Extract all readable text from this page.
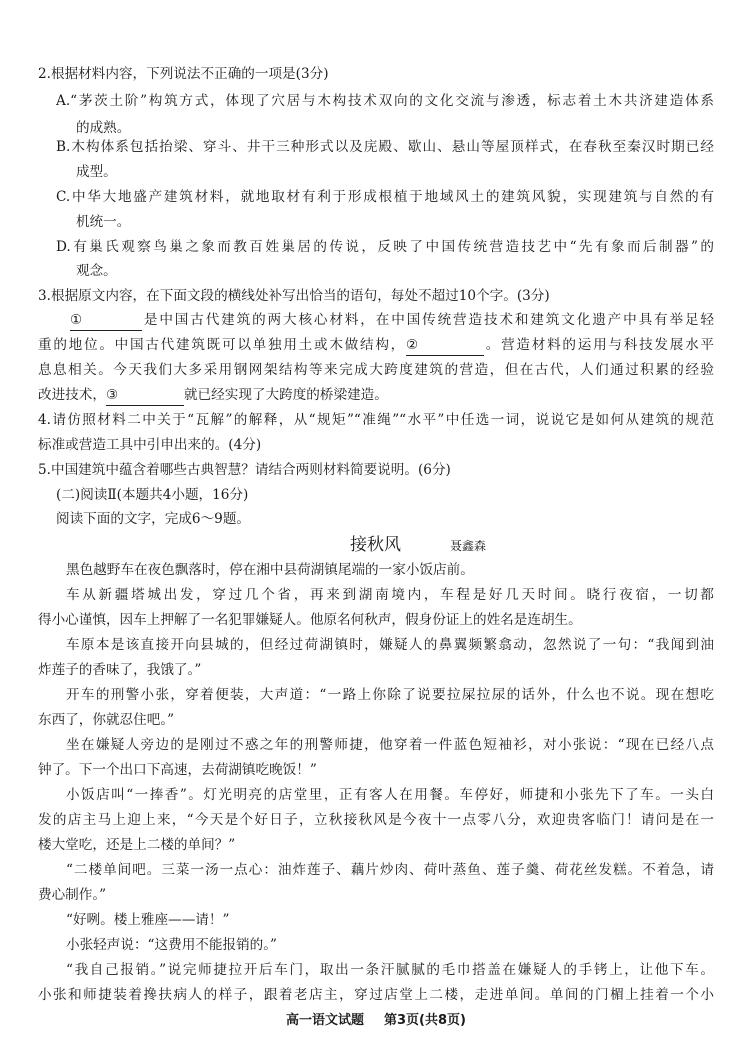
2.根据材料内容，下列说法不正确的一项是(3分)
A.“茅茨土阶”构筑方式，体现了穴居与木构技术双向的文化交流与渗透，标志着土木共济建造体系
的成熟。
B.木构体系包括抬梁、穿斗、井干三种形式以及庑殿、歇山、悬山等屋顶样式，在春秋至秦汉时期已经
成型。
C.中华大地盛产建筑材料，就地取材有利于形成根植于地域风土的建筑风貌，实现建筑与自然的有
机统一。
D.有巢氏观察鸟巢之象而教百姓巢居的传说，反映了中国传统营造技艺中“先有象而后制器”的
观念。
3.根据原文内容，在下面文段的横线处补写出恰当的语句，每处不超过10个字。(3分)
①	是中国古代建筑的两大核心材料，在中国传统营造技术和建筑文化遗产中具有举足轻
重的地位。中国古代建筑既可以单独用土或木做结构，②	。营造材料的运用与科技发展水平
息息相关。今天我们大多采用钢网架结构等来完成大跨度建筑的营造，但在古代，人们通过积累的经验
改进技术，③	就已经实现了大跨度的桥梁建造。
4.请仿照材料二中关于“瓦解”的解释，从“规矩”“准绳”“水平”中任选一词，说说它是如何从建筑的规范
标准或营造工具中引申出来的。(4分)
5.中国建筑中蕴含着哪些古典智慧？请结合两则材料简要说明。(6分)
(二)阅读Ⅱ(本题共4小题，16分)
阅读下面的文字，完成6～9题。
接秋风	聂鑫森
黑色越野车在夜色飘落时，停在湘中县荷湖镇尾端的一家小饭店前。
车从新疆塔城出发，穿过几个省，再来到湖南境内，车程是好几天时间。晓行夜宿，一切都
得小心谨慎，因车上押解了一名犯罪嫌疑人。他原名何秋声，假身份证上的姓名是连胡生。
车原本是该直接开向县城的，但经过荷湖镇时，嫌疑人的鼻翼频繁翕动，忽然说了一句：“我闻到油
炸莲子的香味了，我饿了。”
开车的刑警小张，穿着便装，大声道：“一路上你除了说要拉屎拉尿的话外，什么也不说。现在想吃
东西了，你就忍住吧。”
坐在嫌疑人旁边的是刚过不惑之年的刑警师捷，他穿着一件蓝色短袖衫，对小张说：“现在已经八点
钟了。下一个出口下高速，去荷湖镇吃晚饭！”
小饭店叫“一捧香”。灯光明亮的店堂里，正有客人在用餐。车停好，师捷和小张先下了车。一头白
发的店主马上迎上来，“今天是个好日子，立秋接秋风是今夜十一点零八分，欢迎贵客临门！请问是在一
楼大堂吃，还是上二楼的单间？”
“二楼单间吧。三菜一汤一点心：油炸莲子、藕片炒肉、荷叶蒸鱼、莲子羹、荷花丝发糕。不着急，请
费心制作。”
“好咧。楼上雅座——请！”
小张轻声说：“这费用不能报销的。”
“我自己报销。”说完师捷拉开后车门，取出一条汗腻腻的毛巾搭盖在嫌疑人的手铐上，让他下车。
小张和师捷装着搀扶病人的样子，跟着老店主，穿过店堂上二楼，走进单间。单间的门楣上挂着一个小
高一语文试题 第3页(共8页)
